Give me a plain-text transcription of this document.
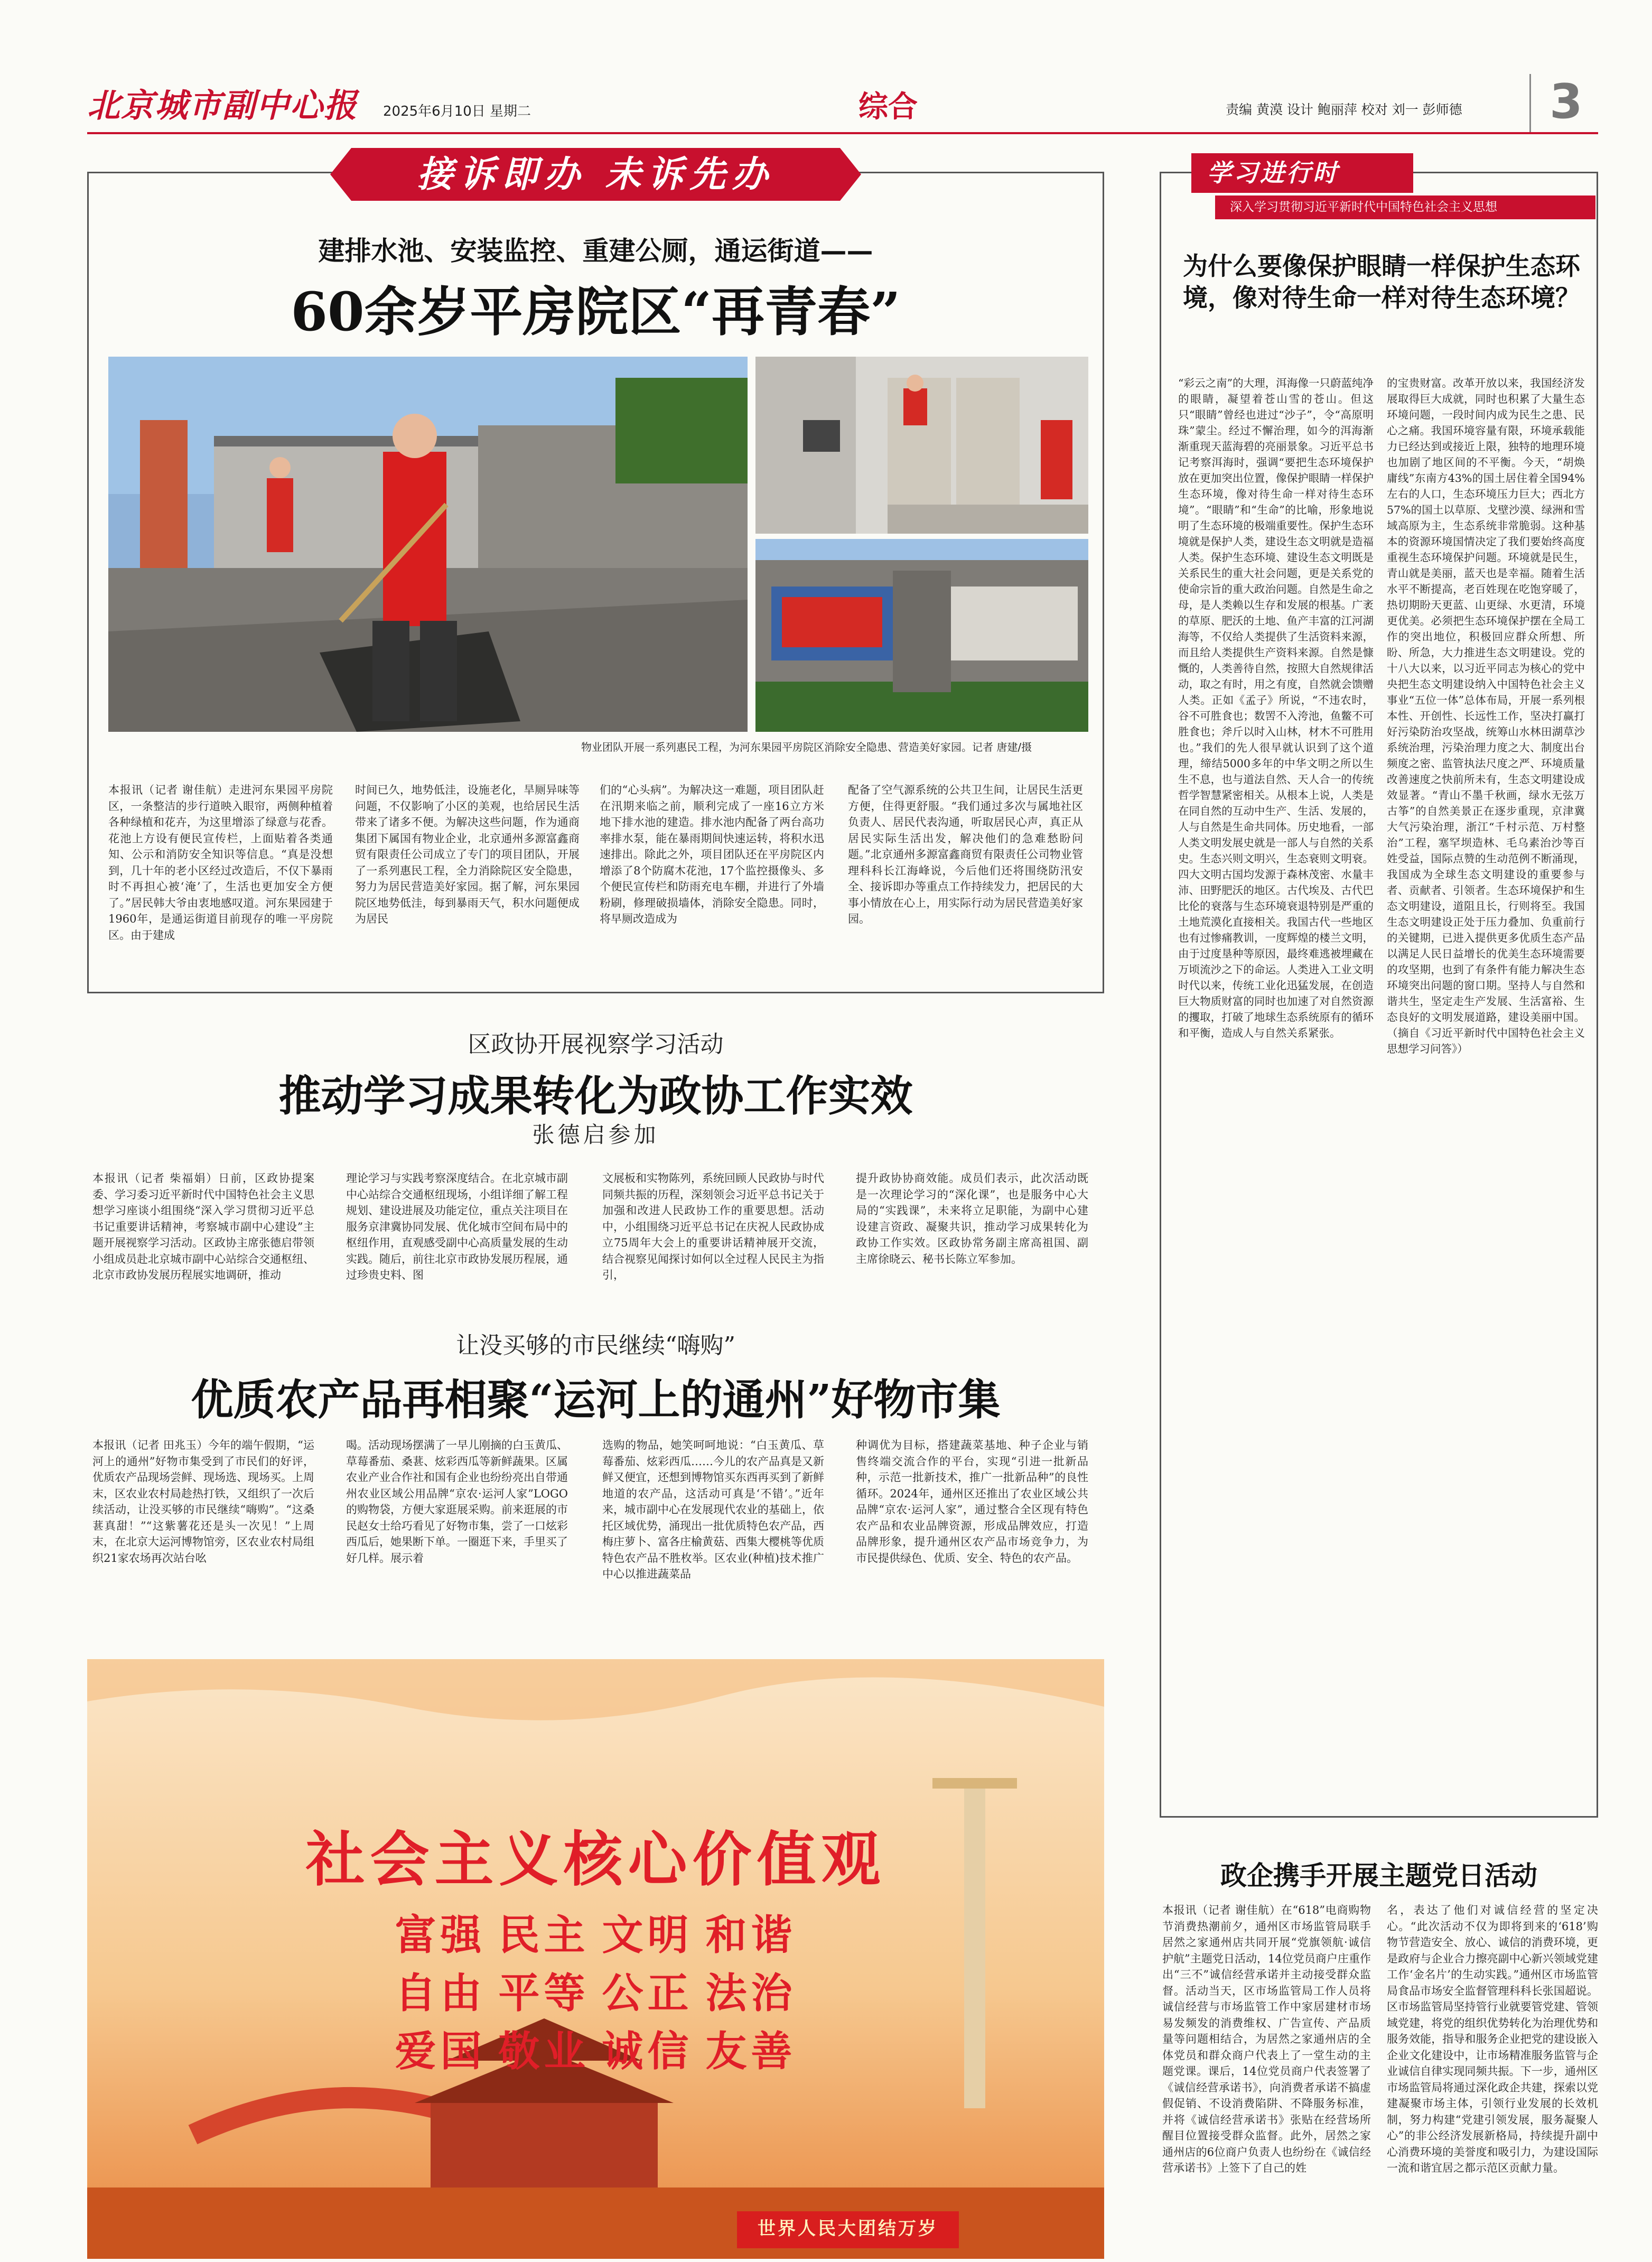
北京城市副中心报 2025年6月10日 星期二	综合	责编 黄漠 设计 鲍丽萍 校对 刘一 彭师德 3
接诉即办 未诉先办
建排水池、安装监控、重建公厕，通运街道——
60余岁平房院区“再青春”
物业团队开展一系列惠民工程，为河东果园平房院区消除安全隐患、营造美好家园。记者 唐建/摄
本报讯（记者 谢佳航）走进河东果园平房院区，一条整洁的步行道映入眼帘，两侧种植着各种绿植和花卉，为这里增添了绿意与花香。花池上方设有便民宣传栏，上面贴着各类通知、公示和消防安全知识等信息。“真是没想到，几十年的老小区经过改造后，不仅下暴雨时不再担心被‘淹’了，生活也更加安全方便了。”居民韩大爷由衷地感叹道。河东果园建于1960年，是通运街道目前现存的唯一平房院区。由于建成
时间已久，地势低洼，设施老化，旱厕异味等问题，不仅影响了小区的美观，也给居民生活带来了诸多不便。为解决这些问题，作为通商集团下属国有物业企业，北京通州多源富鑫商贸有限责任公司成立了专门的项目团队，开展了一系列惠民工程，全力消除院区安全隐患，努力为居民营造美好家园。据了解，河东果园院区地势低洼，每到暴雨天气，积水问题便成为居民
们的“心头病”。为解决这一难题，项目团队赶在汛期来临之前，顺利完成了一座16立方米地下排水池的建造。排水池内配备了两台高功率排水泵，能在暴雨期间快速运转，将积水迅速排出。除此之外，项目团队还在平房院区内增添了8个防腐木花池，17个监控摄像头、多个便民宣传栏和防雨充电车棚，并进行了外墙粉刷，修理破损墙体，消除安全隐患。同时，将早厕改造成为
配备了空气源系统的公共卫生间，让居民生活更方便，住得更舒服。“我们通过多次与属地社区负责人、居民代表沟通，听取居民心声，真正从居民实际生活出发，解决他们的急难愁盼问题。”北京通州多源富鑫商贸有限责任公司物业管理科科长江海峰说，今后他们还将围绕防汛安全、接诉即办等重点工作持续发力，把居民的大事小情放在心上，用实际行动为居民营造美好家园。
区政协开展视察学习活动
推动学习成果转化为政协工作实效
张德启参加
本报讯（记者 柴福娟）日前，区政协提案委、学习委习近平新时代中国特色社会主义思想学习座谈小组围绕“深入学习贯彻习近平总书记重要讲话精神，考察城市副中心建设”主题开展视察学习活动。区政协主席张德启带领小组成员赴北京城市副中心站综合交通枢纽、北京市政协发展历程展实地调研，推动
理论学习与实践考察深度结合。在北京城市副中心站综合交通枢纽现场，小组详细了解工程规划、建设进展及功能定位，重点关注项目在服务京津冀协同发展、优化城市空间布局中的枢纽作用，直观感受副中心高质量发展的生动实践。随后，前往北京市政协发展历程展，通过珍贵史料、图
文展板和实物陈列，系统回顾人民政协与时代同频共振的历程，深刻领会习近平总书记关于加强和改进人民政协工作的重要思想。活动中，小组围绕习近平总书记在庆祝人民政协成立75周年大会上的重要讲话精神展开交流，结合视察见闻探讨如何以全过程人民民主为指引，
提升政协协商效能。成员们表示，此次活动既是一次理论学习的“深化课”，也是服务中心大局的“实践课”，未来将立足职能，为副中心建设建言资政、凝聚共识，推动学习成果转化为政协工作实效。区政协常务副主席高祖国、副主席徐晓云、秘书长陈立军参加。
让没买够的市民继续“嗨购”
优质农产品再相聚“运河上的通州”好物市集
本报讯（记者 田兆玉）今年的端午假期，“运河上的通州”好物市集受到了市民们的好评，优质农产品现场尝鲜、现场选、现场买。上周末，区农业农村局趁热打铁，又组织了一次后续活动，让没买够的市民继续“嗨购”。“这桑葚真甜！”“这紫薯花还是头一次见！”上周末，在北京大运河博物馆旁，区农业农村局组织21家农场再次站台吆
喝。活动现场摆满了一早儿刚摘的白玉黄瓜、草莓番茄、桑葚、炫彩西瓜等新鲜蔬果。区属农业产业合作社和国有企业也纷纷亮出自带通州农业区域公用品牌“京农·运河人家”LOGO的购物袋，方便大家逛展采购。前来逛展的市民赵女士给巧看见了好物市集，尝了一口炫彩西瓜后，她果断下单。一圈逛下来，手里买了好几样。展示着
选购的物品，她笑呵呵地说：“白玉黄瓜、草莓番茄、炫彩西瓜……今儿的农产品真是又新鲜又便宜，还想到博物馆买东西再买到了新鲜地道的农产品，这活动可真是‘不错’。”近年来，城市副中心在发展现代农业的基础上，依托区域优势，涌现出一批优质特色农产品，西梅庄萝卜、富各庄榆黄菇、西集大樱桃等优质特色农产品不胜枚举。区农业(种植)技术推广中心以推进蔬菜品
种调优为目标，搭建蔬菜基地、种子企业与销售终端交流合作的平台，实现“引进一批新品种，示范一批新技术，推广一批新品种”的良性循环。2024年，通州区还推出了农业区域公共品牌“京农·运河人家”，通过整合全区现有特色农产品和农业品牌资源，形成品牌效应，打造品牌形象，提升通州区农产品市场竞争力，为市民提供绿色、优质、安全、特色的农产品。
社会主义核心价值观
富强 民主 文明 和谐
自由 平等 公正 法治
爱国 敬业 诚信 友善
世界人民大团结万岁
学习进行时
深入学习贯彻习近平新时代中国特色社会主义思想
为什么要像保护眼睛一样保护生态环境，像对待生命一样对待生态环境？
“彩云之南”的大理，洱海像一只蔚蓝纯净的眼睛，凝望着苍山雪的苍山。但这只“眼睛”曾经也进过“沙子”，令“高原明珠”蒙尘。经过不懈治理，如今的洱海渐渐重现天蓝海碧的亮丽景象。习近平总书记考察洱海时，强调“要把生态环境保护放在更加突出位置，像保护眼睛一样保护生态环境，像对待生命一样对待生态环境”。“眼睛”和“生命”的比喻，形象地说明了生态环境的极端重要性。保护生态环境就是保护人类，建设生态文明就是造福人类。保护生态环境、建设生态文明既是关系民生的重大社会问题，更是关系党的使命宗旨的重大政治问题。自然是生命之母，是人类赖以生存和发展的根基。广袤的草原、肥沃的土地、鱼产丰富的江河湖海等，不仅给人类提供了生活资料来源，而且给人类提供生产资料来源。自然是慷慨的，人类善待自然，按照大自然规律活动，取之有时，用之有度，自然就会馈赠人类。正如《孟子》所说，“不违农时，谷不可胜食也；数罟不入洿池，鱼鳖不可胜食也；斧斤以时入山林，材木不可胜用也。”我们的先人很早就认识到了这个道理，缔结5000多年的中华文明之所以生生不息，也与道法自然、天人合一的传统哲学智慧紧密相关。从根本上说，人类是在同自然的互动中生产、生活、发展的，人与自然是生命共同体。历史地看，一部人类文明发展史就是一部人与自然的关系史。生态兴则文明兴，生态衰则文明衰。四大文明古国均发源于森林茂密、水量丰沛、田野肥沃的地区。古代埃及、古代巴比伦的衰落与生态环境衰退特别是严重的土地荒漠化直接相关。我国古代一些地区也有过惨痛教训，一度辉煌的楼兰文明，由于过度垦种等原因，最终难逃被埋藏在万顷流沙之下的命运。人类进入工业文明时代以来，传统工业化迅猛发展，在创造巨大物质财富的同时也加速了对自然资源的攫取，打破了地球生态系统原有的循环和平衡，造成人与自然关系紧张。
的宝贵财富。改革开放以来，我国经济发展取得巨大成就，同时也积累了大量生态环境问题，一段时间内成为民生之患、民心之痛。我国环境容量有限，环境承载能力已经达到或接近上限，独特的地理环境也加剧了地区间的不平衡。今天，“胡焕庸线”东南方43%的国土居住着全国94%左右的人口，生态环境压力巨大；西北方57%的国土以草原、戈壁沙漠、绿洲和雪域高原为主，生态系统非常脆弱。这种基本的资源环境国情决定了我们要始终高度重视生态环境保护问题。环境就是民生，青山就是美丽，蓝天也是幸福。随着生活水平不断提高，老百姓现在吃饱穿暖了，热切期盼天更蓝、山更绿、水更清，环境更优美。必须把生态环境保护摆在全局工作的突出地位，积极回应群众所想、所盼、所急，大力推进生态文明建设。党的十八大以来，以习近平同志为核心的党中央把生态文明建设纳入中国特色社会主义事业“五位一体”总体布局，开展一系列根本性、开创性、长远性工作，坚决打赢打好污染防治攻坚战，统筹山水林田湖草沙系统治理，污染治理力度之大、制度出台频度之密、监管执法尺度之严、环境质量改善速度之快前所未有，生态文明建设成效显著。“青山不墨千秋画，绿水无弦万古筝”的自然美景正在逐步重现，京津冀大气污染治理，浙江“千村示范、万村整治”工程，塞罕坝造林、毛乌素治沙等百姓受益，国际点赞的生动范例不断涌现，我国成为全球生态文明建设的重要参与者、贡献者、引领者。生态环境保护和生态文明建设，道阻且长，行则将至。我国生态文明建设正处于压力叠加、负重前行的关键期，已进入提供更多优质生态产品以满足人民日益增长的优美生态环境需要的攻坚期，也到了有条件有能力解决生态环境突出问题的窗口期。坚持人与自然和谐共生，坚定走生产发展、生活富裕、生态良好的文明发展道路，建设美丽中国。（摘自《习近平新时代中国特色社会主义思想学习问答》）
政企携手开展主题党日活动
本报讯（记者 谢佳航）在“618”电商购物节消费热潮前夕，通州区市场监管局联手居然之家通州店共同开展“党旗领航·诚信护航”主题党日活动，14位党员商户庄重作出“三不”诚信经营承诺并主动接受群众监督。活动当天，区市场监管局工作人员将诚信经营与市场监管工作中家居建材市场易发频发的消费维权、广告宣传、产品质量等问题相结合，为居然之家通州店的全体党员和群众商户代表上了一堂生动的主题党课。课后，14位党员商户代表签署了《诚信经营承诺书》，向消费者承诺不搞虚假促销、不设消费陷阱、不降服务标准，并将《诚信经营承诺书》张贴在经营场所醒目位置接受群众监督。此外，居然之家通州店的6位商户负责人也纷纷在《诚信经营承诺书》上签下了自己的姓
名，表达了他们对诚信经营的坚定决心。“此次活动不仅为即将到来的‘618’购物节营造安全、放心、诚信的消费环境，更是政府与企业合力擦亮副中心新兴领域党建工作‘金名片’的生动实践。”通州区市场监管局食品市场安全监督管理科科长张国超说。区市场监管局坚持管行业就要管党建、管领域党建，将党的组织优势转化为治理优势和服务效能，指导和服务企业把党的建设嵌入企业文化建设中，让市场精准服务监管与企业诚信自律实现同频共振。下一步，通州区市场监管局将通过深化政企共建，探索以党建凝聚市场主体，引领行业发展的长效机制，努力构建“党建引领发展，服务凝聚人心”的非公经济发展新格局，持续提升副中心消费环境的美誉度和吸引力，为建设国际一流和谐宜居之都示范区贡献力量。
